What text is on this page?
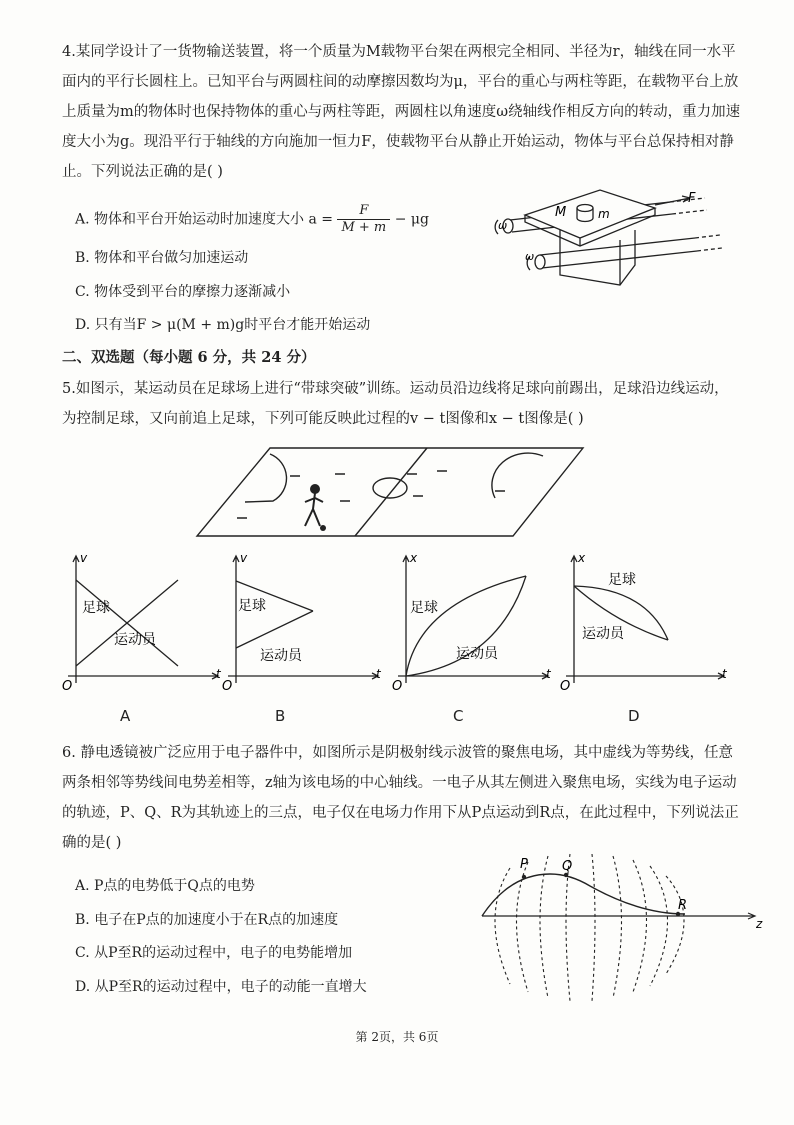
4.某同学设计了一货物输送装置，将一个质量为M载物平台架在两根完全相同、半径为r，轴线在同一水平面内的平行长圆柱上。已知平台与两圆柱间的动摩擦因数均为μ，平台的重心与两柱等距，在载物平台上放上质量为m的物体时也保持物体的重心与两柱等距，两圆柱以角速度ω绕轴线作相反方向的转动，重力加速度大小为g。现沿平行于轴线的方向施加一恒力F，使载物平台从静止开始运动，物体与平台总保持相对静止。下列说法正确的是( )

A. 物体和平台开始运动时加速度大小 $a = \frac{F}{M + m} - \mu g$
B. 物体和平台做匀加速运动
C. 物体受到平台的摩擦力逐渐减小
D. 只有当F > μ(M + m)g时平台才能开始运动
M	m
F
ω
ω
二、双选题（每小题 6 分，共 24 分）

5.如图示，某运动员在足球场上进行“带球突破”训练。运动员沿边线将足球向前踢出，足球沿边线运动，为控制足球，又向前追上足球，下列可能反映此过程的v − t图像和x − t图像是( )

v
t
O
足球
运动员
A
v
t
O
足球
运动员
B
x
t
O
足球
运动员
C
x
t
O
足球
运动员
D

6. 静电透镜被广泛应用于电子器件中，如图所示是阴极射线示波管的聚焦电场，其中虚线为等势线，任意两条相邻等势线间电势差相等，z轴为该电场的中心轴线。一电子从其左侧进入聚焦电场，实线为电子运动的轨迹，P、Q、R为其轨迹上的三点，电子仅在电场力作用下从P点运动到R点，在此过程中，下列说法正确的是( )

A. P点的电势低于Q点的电势
B. 电子在P点的加速度小于在R点的加速度
C. 从P至R的运动过程中，电子的电势能增加
D. 从P至R的运动过程中，电子的动能一直增大
P	Q
R
z
第 2页，共 6页
